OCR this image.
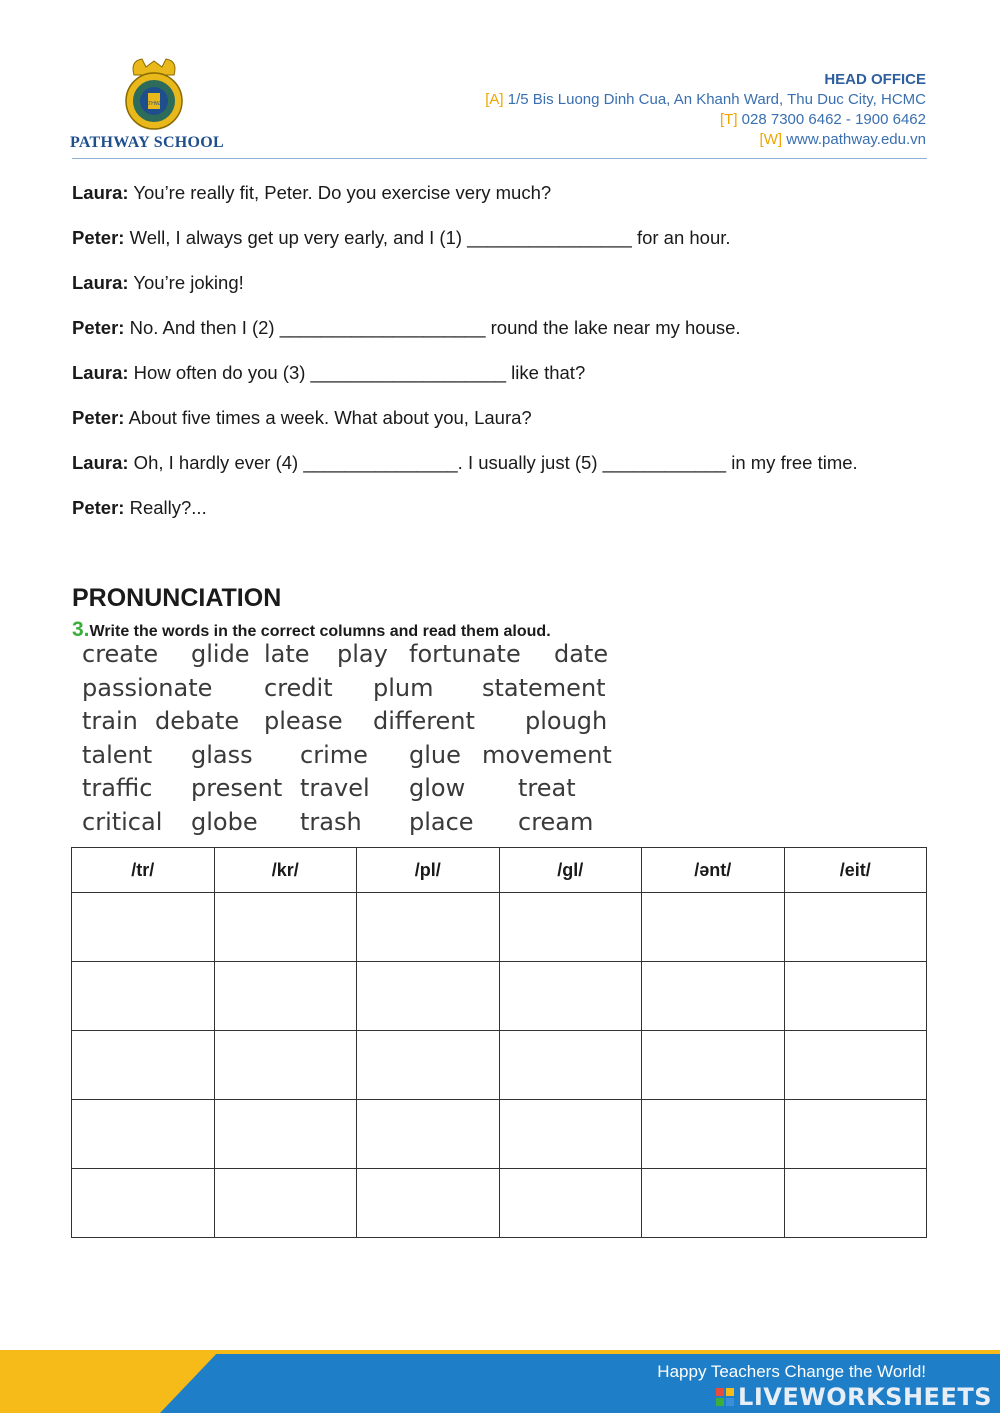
PATHWAY
PATHWAY SCHOOL
HEAD OFFICE
[A] 1/5 Bis Luong Dinh Cua, An Khanh Ward, Thu Duc City, HCMC
[T] 028 7300 6462 - 1900 6462
[W] www.pathway.edu.vn
Laura: You’re really fit, Peter. Do you exercise very much?
Peter: Well, I always get up very early, and I (1) ________________ for an hour.
Laura: You’re joking!
Peter: No. And then I (2) ____________________ round the lake near my house.
Laura: How often do you (3) ___________________ like that?
Peter: About five times a week. What about you, Laura?
Laura: Oh, I hardly ever (4) _______________. I usually just (5) ____________ in my free time.
Peter: Really?...
PRONUNCIATION
3.Write the words in the correct columns and read them aloud.
create glide late play fortunate date
passionate credit plum statement
train debate please different plough
talent glass crime glue movement
traffic present travel glow treat
critical globe trash place cream
/tr/	/kr/	/pl/	/gl/	/ənt/	/eit/

Happy Teachers Change the World!
LIVEWORKSHEETS
